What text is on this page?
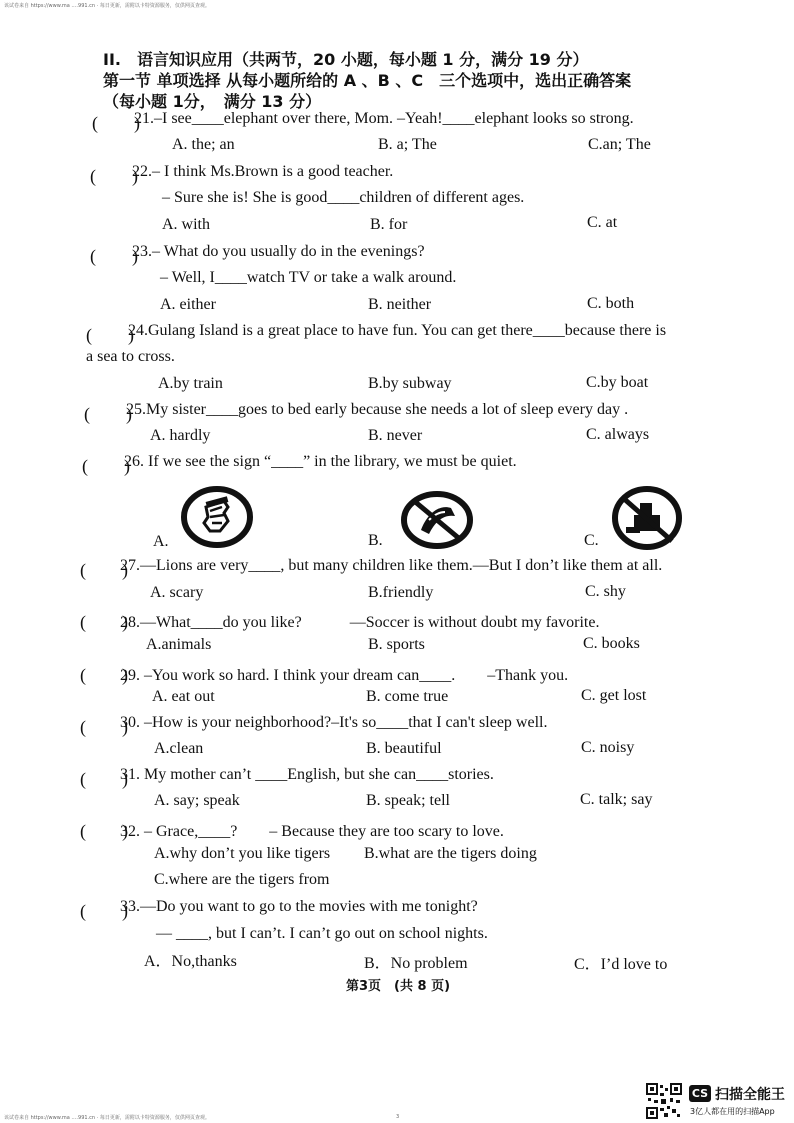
该试卷来自 https://www.ma ….991.cn · 每日更新，需附以卡特资源服务，仅供网页查观。
该试卷来自 https://www.ma ….991.cn · 每日更新，需附以卡特资源服务，仅供网页查观。	3
II.　语言知识应用（共两节，20 小题，每小题 1 分，满分 19 分）
第一节 单项选择 从每小题所给的 A 、B 、C　三个选项中，选出正确答案
（每小题 1分，　满分 13 分）
(　　)
21.–I see____elephant over there, Mom. –Yeah!____elephant looks so strong.
A. the; an	B. a; The	C.an; The
(　　)
22.– I think Ms.Brown is a good teacher.
– Sure she is! She is good____children of different ages.
A. with	B. for	C. at
(　　)
23.– What do you usually do in the evenings?
– Well, I____watch TV or take a walk around.
A. either	B. neither	C. both
(　　)
24.Gulang Island is a great place to have fun. You can get there____because there is
a sea to cross.
A.by train	B.by subway	C.by boat
(　　)
25.My sister____goes to bed early because she needs a lot of sleep every day .
A. hardly	B. never	C. always
(　　)
26. If we see the sign “____” in the library, we must be quiet.
A.	B.	C.
(　　)
27.—Lions are very____, but many children like them.—But I don’t like them at all.
A. scary	B.friendly	C. shy
(　　)
28.—What____do you like?　　　—Soccer is without doubt my favorite.
A.animals	B. sports	C. books
(　　)
29. –You work so hard. I think your dream can____.　　–Thank you.
A. eat out	B. come true	C. get lost
(　　)
30. –How is your neighborhood?–It's so____that I can't sleep well.
A.clean	B. beautiful	C. noisy
(　　)
31. My mother can’t ____English, but she can____stories.
A. say; speak	B. speak; tell	C. talk; say
(　　)
32. – Grace,____?　　– Because they are too scary to love.
A.why don’t you like tigers B.what are the tigers doing
C.where are the tigers from
(　　)
33.—Do you want to go to the movies with me tonight?
— ____, but I can’t. I can’t go out on school nights.
A．No,thanks	B．No problem	C．I’d love to
第3页　(共 8 页)
CS 扫描全能王
3亿人都在用的扫描App
